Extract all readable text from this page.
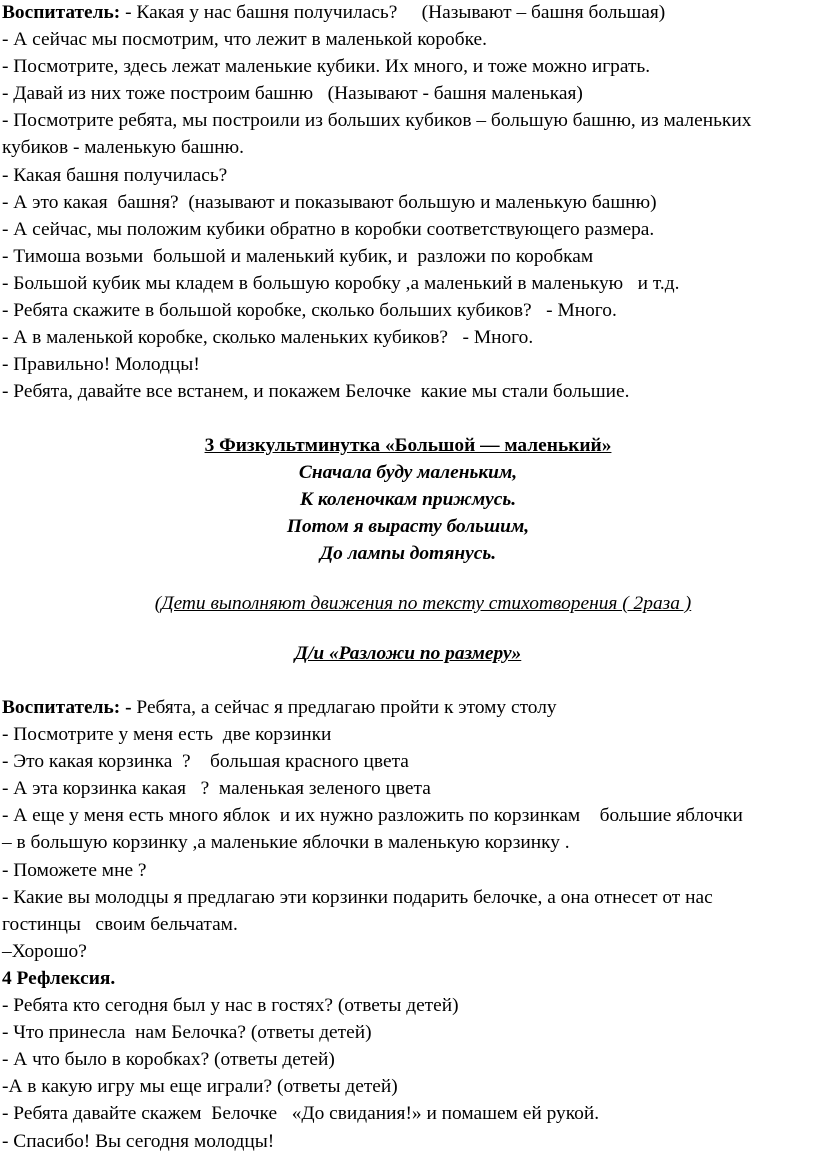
Воспитатель: - Какая у нас башня получилась?     (Называют – башня большая)
- А сейчас мы посмотрим, что лежит в маленькой коробке.
- Посмотрите, здесь лежат маленькие кубики. Их много, и тоже можно играть.
- Давай из них тоже построим башню   (Называют - башня маленькая)
- Посмотрите ребята, мы построили из больших кубиков – большую башню, из маленьких
кубиков - маленькую башню.
- Какая башня получилась?
- А это какая  башня?  (называют и показывают большую и маленькую башню)
- А сейчас, мы положим кубики обратно в коробки соответствующего размера.
- Тимоша возьми  большой и маленький кубик, и  разложи по коробкам
- Большой кубик мы кладем в большую коробку ,а маленький в маленькую   и т.д.
- Ребята скажите в большой коробке, сколько больших кубиков?   - Много.
- А в маленькой коробке, сколько маленьких кубиков?   - Много.
- Правильно! Молодцы!
- Ребята, давайте все встанем, и покажем Белочке  какие мы стали большие.
3 Физкультминутка «Большой — маленький»
Сначала буду маленьким,
К коленочкам прижмусь.
Потом я вырасту большим,
До лампы дотянусь.
(Дети выполняют движения по тексту стихотворения ( 2раза )
Д/и «Разложи по размеру»
Воспитатель: - Ребята, а сейчас я предлагаю пройти к этому столу
- Посмотрите у меня есть  две корзинки
- Это какая корзинка  ?    большая красного цвета
- А эта корзинка какая   ?  маленькая зеленого цвета
- А еще у меня есть много яблок  и их нужно разложить по корзинкам    большие яблочки
– в большую корзинку ,а маленькие яблочки в маленькую корзинку .
- Поможете мне ?
- Какие вы молодцы я предлагаю эти корзинки подарить белочке, а она отнесет от нас
гостинцы   своим бельчатам.
–Хорошо?
4 Рефлексия.
- Ребята кто сегодня был у нас в гостях? (ответы детей)
- Что принесла  нам Белочка? (ответы детей)
- А что было в коробках? (ответы детей)
-А в какую игру мы еще играли? (ответы детей)
- Ребята давайте скажем  Белочке   «До свидания!» и помашем ей рукой.
- Спасибо! Вы сегодня молодцы!
